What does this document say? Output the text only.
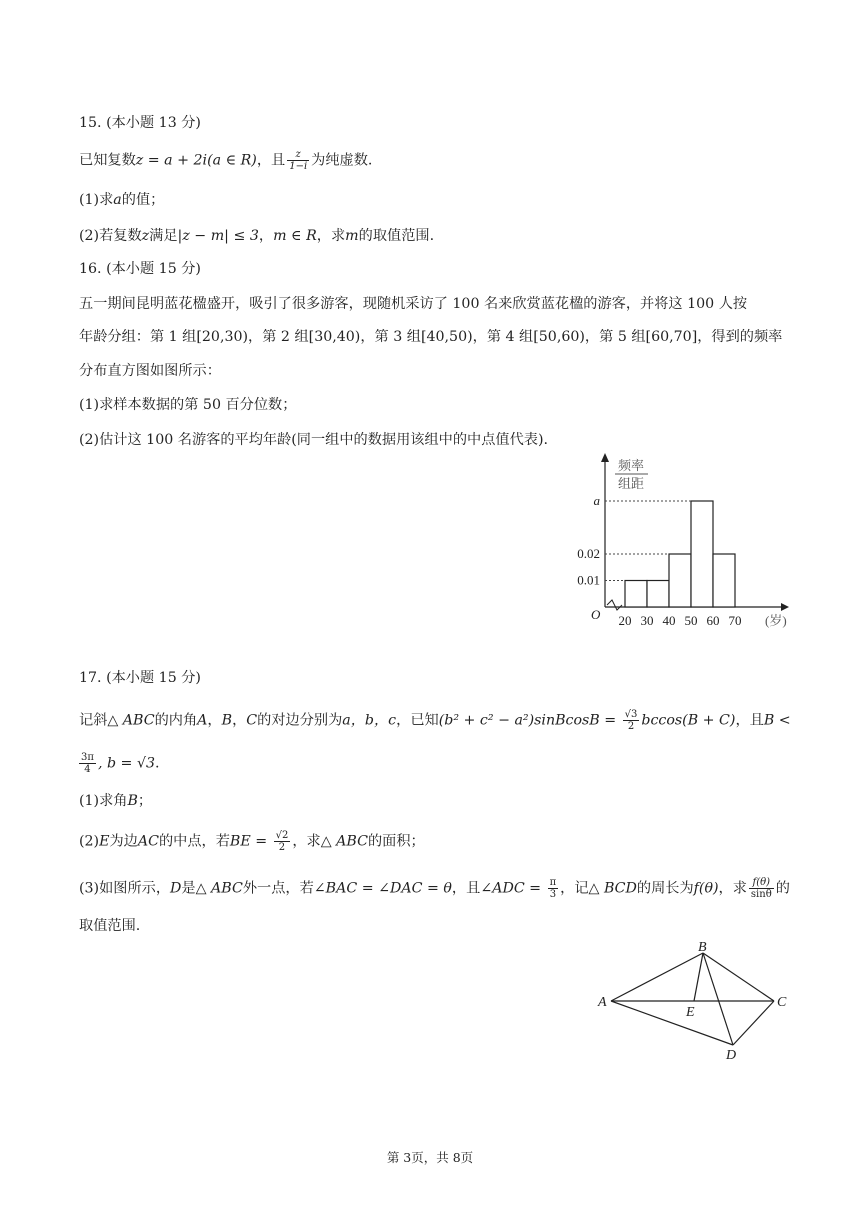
15. (本小题 13 分)
已知复数z = a + 2i(a ∈ R)，且 $\frac{z}{1-i}$ 为纯虚数.
(1)求a的值；
(2)若复数z满足|z − m| ≤ 3，m ∈ R，求m的取值范围.
16. (本小题 15 分)
五一期间昆明蓝花楹盛开，吸引了很多游客，现随机采访了 100 名来欣赏蓝花楹的游客，并将这 100 人按
年龄分组：第 1 组[20,30)，第 2 组[30,40)，第 3 组[40,50)，第 4 组[50,60)，第 5 组[60,70]，得到的频率
分布直方图如图所示：
(1)求样本数据的第 50 百分位数；
(2)估计这 100 名游客的平均年龄(同一组中的数据用该组中的中点值代表).
频率
组距
O
0.01
0.02
a
20 30 40 50 60 70 (岁)
17. (本小题 15 分)
记斜△ ABC的内角A，B，C的对边分别为a，b，c，已知(b² + c² − a²)sinBcosB = $\frac{√3}{2} bccos(B + C)$，且B <
$\frac{3\pi}{4}$ , b = √3.
(1)求角B；
(2)E为边AC的中点，若BE = $\frac{√2}{2}$ ，求△ ABC的面积；
(3)如图所示，D是△ ABC外一点，若∠BAC = ∠DAC = θ，且∠ADC = $\frac{\pi}{3}$ ，记△ BCD的周长为f(θ)，求 $\frac{f(\theta)}{\sin\theta}$ 的
取值范围.
B
A	C
E
D
第 3页，共 8页
